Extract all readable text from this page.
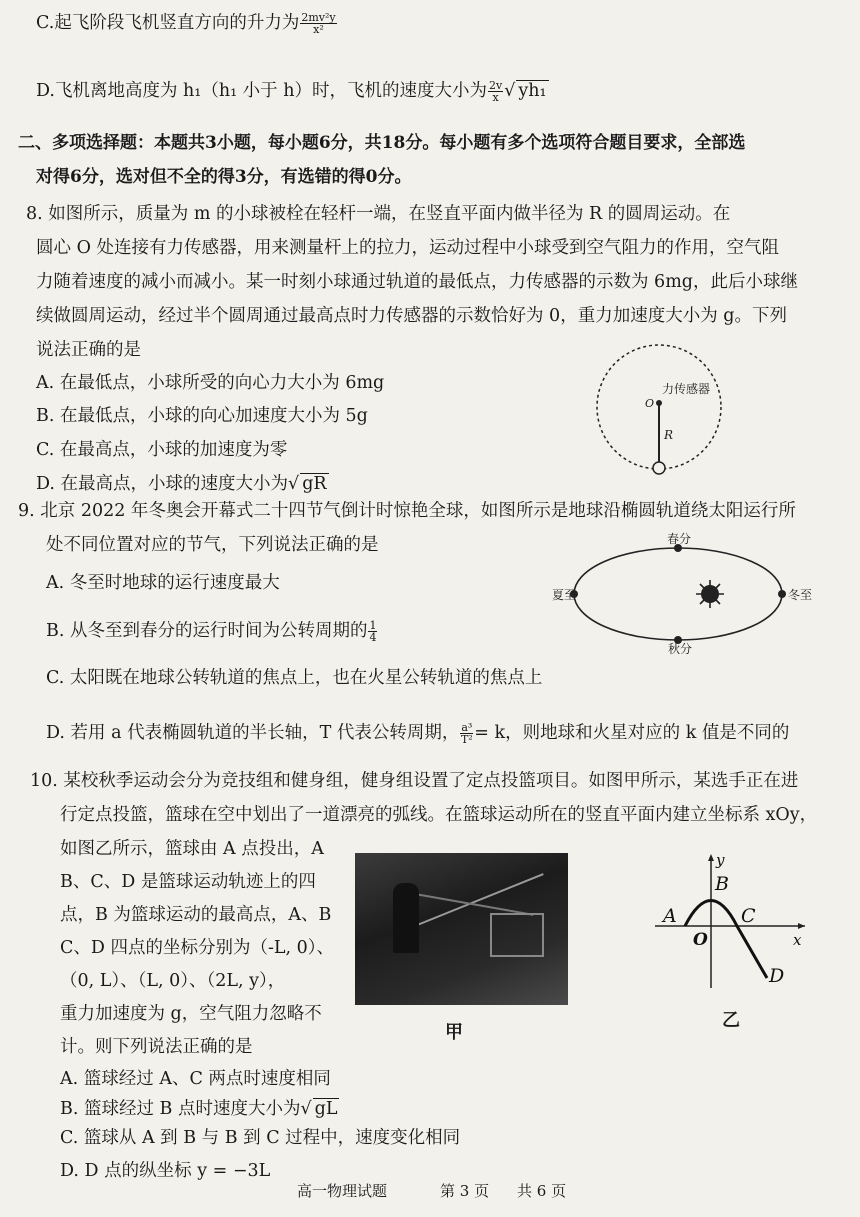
C.起飞阶段飞机竖直方向的升力为 $\frac{\text{2mv²y}}{\text{x²}}$
D.飞机离地高度为 h₁（h₁ 小于 h）时，飞机的速度大小为 $\frac{2v}{x}$ √ yh₁
二、多项选择题：本题共3小题，每小题6分，共18分。每小题有多个选项符合题目要求，全部选
对得6分，选对但不全的得3分，有选错的得0分。
8. 如图所示，质量为 m 的小球被栓在轻杆一端，在竖直平面内做半径为 R 的圆周运动。在
圆心 O 处连接有力传感器，用来测量杆上的拉力，运动过程中小球受到空气阻力的作用，空气阻
力随着速度的减小而减小。某一时刻小球通过轨道的最低点，力传感器的示数为 6mg，此后小球继
续做圆周运动，经过半个圆周通过最高点时力传感器的示数恰好为 0，重力加速度大小为 g。下列
说法正确的是
A. 在最低点，小球所受的向心力大小为 6mg
B. 在最低点，小球的向心加速度大小为 5g
C. 在最高点，小球的加速度为零
D. 在最高点，小球的速度大小为√ gR
O
力传感器
R
9. 北京 2022 年冬奥会开幕式二十四节气倒计时惊艳全球，如图所示是地球沿椭圆轨道绕太阳运行所
处不同位置对应的节气，下列说法正确的是
A. 冬至时地球的运行速度最大
B. 从冬至到春分的运行时间为公转周期的 $\frac{1}{4}$
C. 太阳既在地球公转轨道的焦点上，也在火星公转轨道的焦点上
D. 若用 a 代表椭圆轨道的半长轴，T 代表公转周期， $\frac{\text{a³}}{\text{T²}} = k$，则地球和火星对应的 k 值是不同的
春分
夏至	冬至
秋分
10. 某校秋季运动会分为竞技组和健身组，健身组设置了定点投篮项目。如图甲所示，某选手正在进
行定点投篮，篮球在空中划出了一道漂亮的弧线。在篮球运动所在的竖直平面内建立坐标系 xOy，
如图乙所示，篮球由 A 点投出，A
B、C、D 是篮球运动轨迹上的四
点，B 为篮球运动的最高点，A、B
C、D 四点的坐标分别为（-L, 0）、
（0, L）、（L, 0）、（2L, y），
重力加速度为 g，空气阻力忽略不
计。则下列说法正确的是
A. 篮球经过 A、C 两点时速度相同
B. 篮球经过 B 点时速度大小为√ gL
C. 篮球从 A 到 B 与 B 到 C 过程中，速度变化相同
D. D 点的纵坐标 y = −3L
甲
y
x
O
A
B
C
D
乙
高一物理试题	第 3 页 共 6 页
